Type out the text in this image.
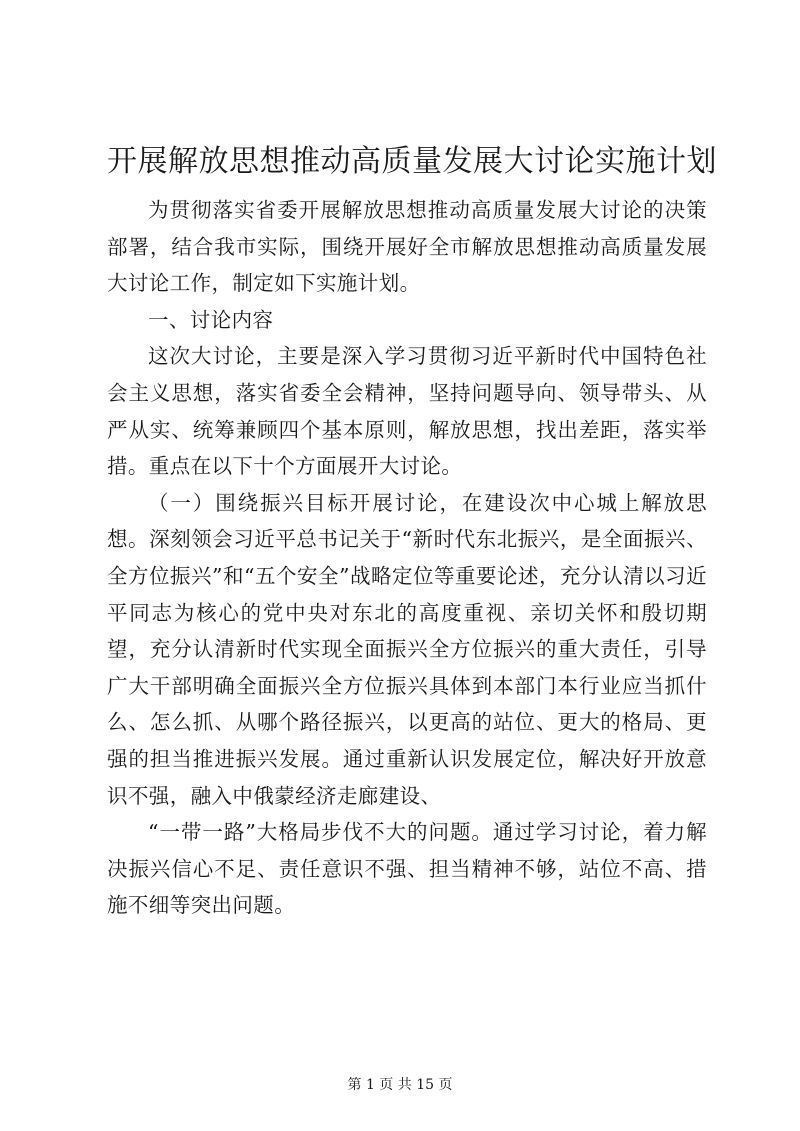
开展解放思想推动高质量发展大讨论实施计划

为贯彻落实省委开展解放思想推动高质量发展大讨论的决策部署，结合我市实际，围绕开展好全市解放思想推动高质量发展大讨论工作，制定如下实施计划。

一、讨论内容

这次大讨论，主要是深入学习贯彻习近平新时代中国特色社会主义思想，落实省委全会精神，坚持问题导向、领导带头、从严从实、统筹兼顾四个基本原则，解放思想，找出差距，落实举措。重点在以下十个方面展开大讨论。

（一）围绕振兴目标开展讨论，在建设次中心城上解放思想。深刻领会习近平总书记关于“新时代东北振兴，是全面振兴、全方位振兴”和“五个安全”战略定位等重要论述，充分认清以习近平同志为核心的党中央对东北的高度重视、亲切关怀和殷切期望，充分认清新时代实现全面振兴全方位振兴的重大责任，引导广大干部明确全面振兴全方位振兴具体到本部门本行业应当抓什么、怎么抓、从哪个路径振兴，以更高的站位、更大的格局、更强的担当推进振兴发展。通过重新认识发展定位，解决好开放意识不强，融入中俄蒙经济走廊建设、

“一带一路”大格局步伐不大的问题。通过学习讨论，着力解决振兴信心不足、责任意识不强、担当精神不够，站位不高、措施不细等突出问题。

第 1 页 共 15 页
